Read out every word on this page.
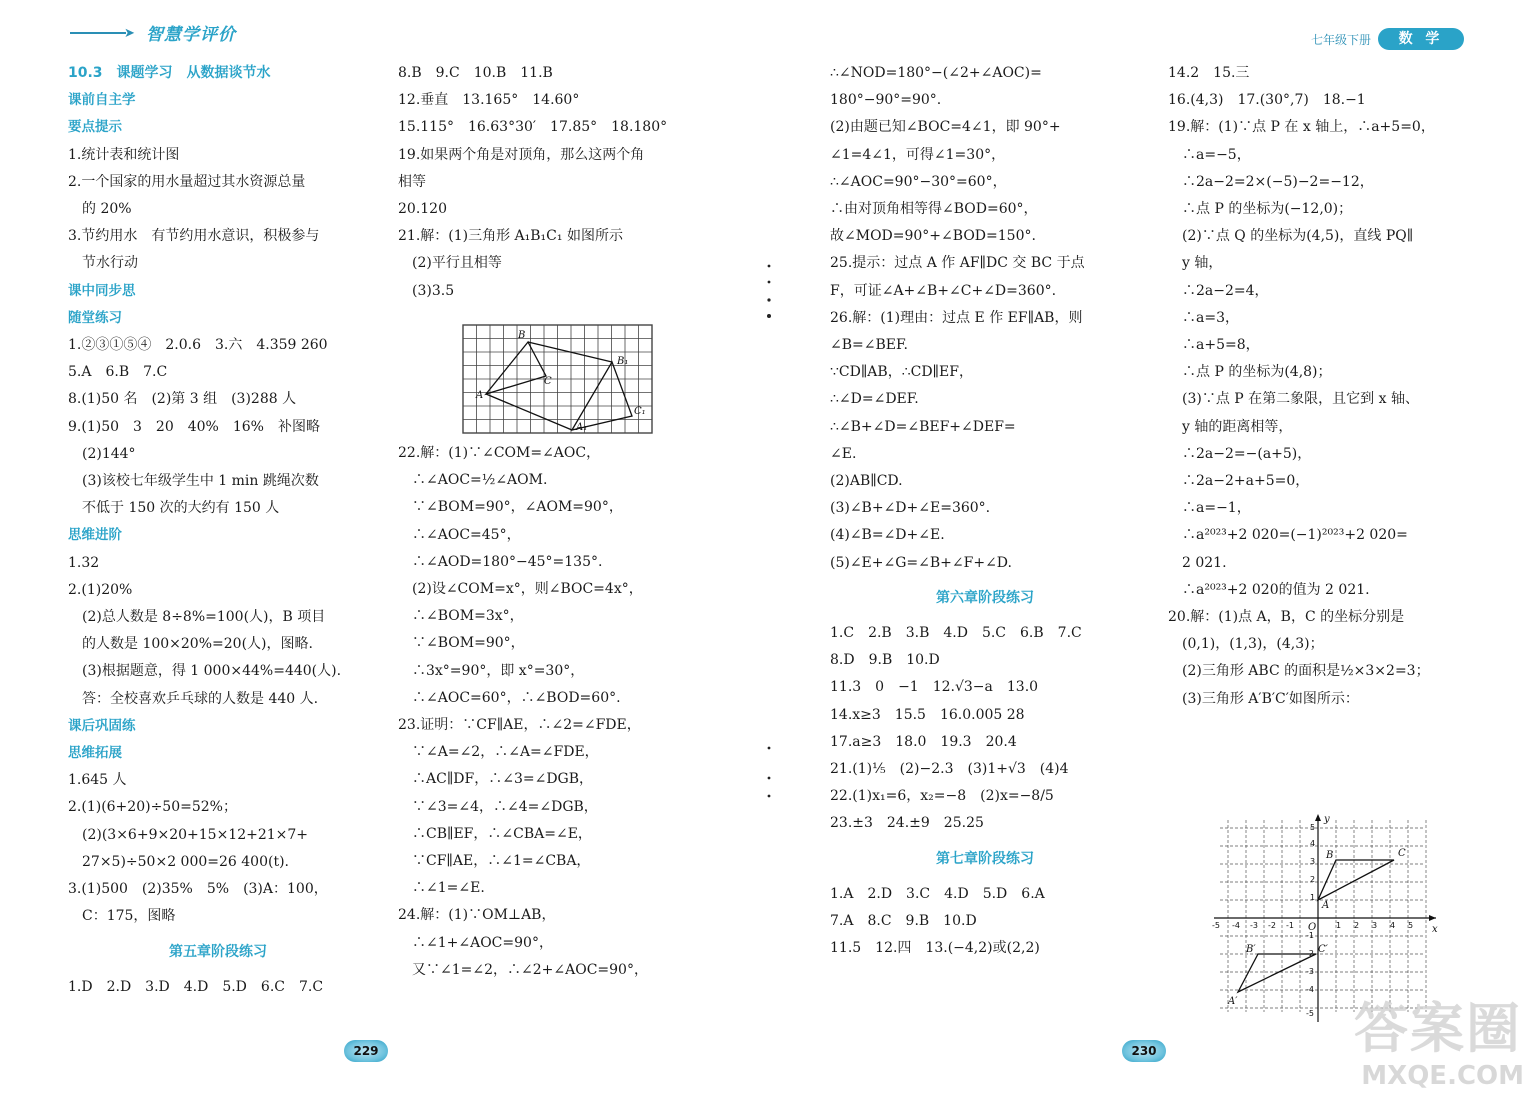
➤ 智慧学评价	七年级下册	数 学
10.3　课题学习　从数据谈节水
课前自主学
要点提示
1.统计表和统计图
2.一个国家的用水量超过其水资源总量
　的 20%
3.节约用水　有节约用水意识，积极参与
　节水行动
课中同步思
随堂练习
1.②③①⑤④　2.0.6　3.六　4.359 260
5.A　6.B　7.C
8.(1)50 名　(2)第 3 组　(3)288 人
9.(1)50　3　20　40%　16%　补图略
　(2)144°
　(3)该校七年级学生中 1 min 跳绳次数
　不低于 150 次的大约有 150 人
思维进阶
1.32
2.(1)20%
　(2)总人数是 8÷8%=100(人)，B 项目
　的人数是 100×20%=20(人)，图略.
　(3)根据题意，得 1 000×44%=440(人).
　答：全校喜欢乒乓球的人数是 440 人.
课后巩固练
思维拓展
1.645 人
2.(1)(6+20)÷50=52%；
　(2)(3×6+9×20+15×12+21×7+
　27×5)÷50×2 000=26 400(t).
3.(1)500　(2)35%　5%　(3)A：100，
　C：175，图略
第五章阶段练习
1.D　2.D　3.D　4.D　5.D　6.C　7.C
8.B　9.C　10.B　11.B
12.垂直　13.165°　14.60°
15.115°　16.63°30′　17.85°　18.180°
19.如果两个角是对顶角，那么这两个角
相等
20.120
21.解：(1)三角形 A₁B₁C₁ 如图所示
　(2)平行且相等
　(3)3.5
22.解：(1)∵∠COM=∠AOC，
　∴∠AOC=½∠AOM.
　∵∠BOM=90°，∠AOM=90°，
　∴∠AOC=45°，
　∴∠AOD=180°−45°=135°.
　(2)设∠COM=x°，则∠BOC=4x°，
　∴∠BOM=3x°，
　∵∠BOM=90°，
　∴3x°=90°，即 x°=30°，
　∴∠AOC=60°，∴∠BOD=60°.
23.证明：∵CF∥AE，∴∠2=∠FDE，
　∵∠A=∠2，∴∠A=∠FDE，
　∴AC∥DF，∴∠3=∠DGB，
　∵∠3=∠4，∴∠4=∠DGB，
　∴CB∥EF，∴∠CBA=∠E，
　∵CF∥AE，∴∠1=∠CBA，
　∴∠1=∠E.
24.解：(1)∵OM⊥AB，
　∴∠1+∠AOC=90°，
　又∵∠1=∠2，∴∠2+∠AOC=90°，
∴∠NOD=180°−(∠2+∠AOC)=
180°−90°=90°.
(2)由题已知∠BOC=4∠1，即 90°+
∠1=4∠1，可得∠1=30°，
∴∠AOC=90°−30°=60°，
∴由对顶角相等得∠BOD=60°，
故∠MOD=90°+∠BOD=150°.
25.提示：过点 A 作 AF∥DC 交 BC 于点
F，可证∠A+∠B+∠C+∠D=360°.
26.解：(1)理由：过点 E 作 EF∥AB，则
∠B=∠BEF.
∵CD∥AB，∴CD∥EF，
∴∠D=∠DEF.
∴∠B+∠D=∠BEF+∠DEF=
∠E.
(2)AB∥CD.
(3)∠B+∠D+∠E=360°.
(4)∠B=∠D+∠E.
(5)∠E+∠G=∠B+∠F+∠D.
第六章阶段练习
1.C　2.B　3.B　4.D　5.C　6.B　7.C
8.D　9.B　10.D
11.3　0　−1　12.√3−a　13.0
14.x≥3　15.5　16.0.005 28
17.a≥3　18.0　19.3　20.4
21.(1)⅕　(2)−2.3　(3)1+√3　(4)4
22.(1)x₁=6，x₂=−8　(2)x=−8/5
23.±3　24.±9　25.25
第七章阶段练习
1.A　2.D　3.C　4.D　5.D　6.A
7.A　8.C　9.B　10.D
11.5　12.四　13.(−4,2)或(2,2)
14.2　15.三
16.(4,3)　17.(30°,7)　18.−1
19.解：(1)∵点 P 在 x 轴上，∴a+5=0，
　∴a=−5，
　∴2a−2=2×(−5)−2=−12，
　∴点 P 的坐标为(−12,0)；
　(2)∵点 Q 的坐标为(4,5)，直线 PQ∥
　y 轴，
　∴2a−2=4，
　∴a=3，
　∴a+5=8，
　∴点 P 的坐标为(4,8)；
　(3)∵点 P 在第二象限，且它到 x 轴、
　y 轴的距离相等，
　∴2a−2=−(a+5)，
　∴2a−2+a+5=0，
　∴a=−1，
　∴a²⁰²³+2 020=(−1)²⁰²³+2 020=
　2 021.
　∴a²⁰²³+2 020的值为 2 021.
20.解：(1)点 A，B，C 的坐标分别是
　(0,1)，(1,3)，(4,3)；
　(2)三角形 ABC 的面积是½×3×2=3；
　(3)三角形 A′B′C′如图所示：
B
B₁
A
C
A₁
C₁
x
y
O
B	C
A
B′	C′
A′
-5 -4 -3 -2 -1	1 2 3 4 5
5
4
3
2
1
-1
-2
-3
-4
-5
229	230	答案圈
MXQE.COM
